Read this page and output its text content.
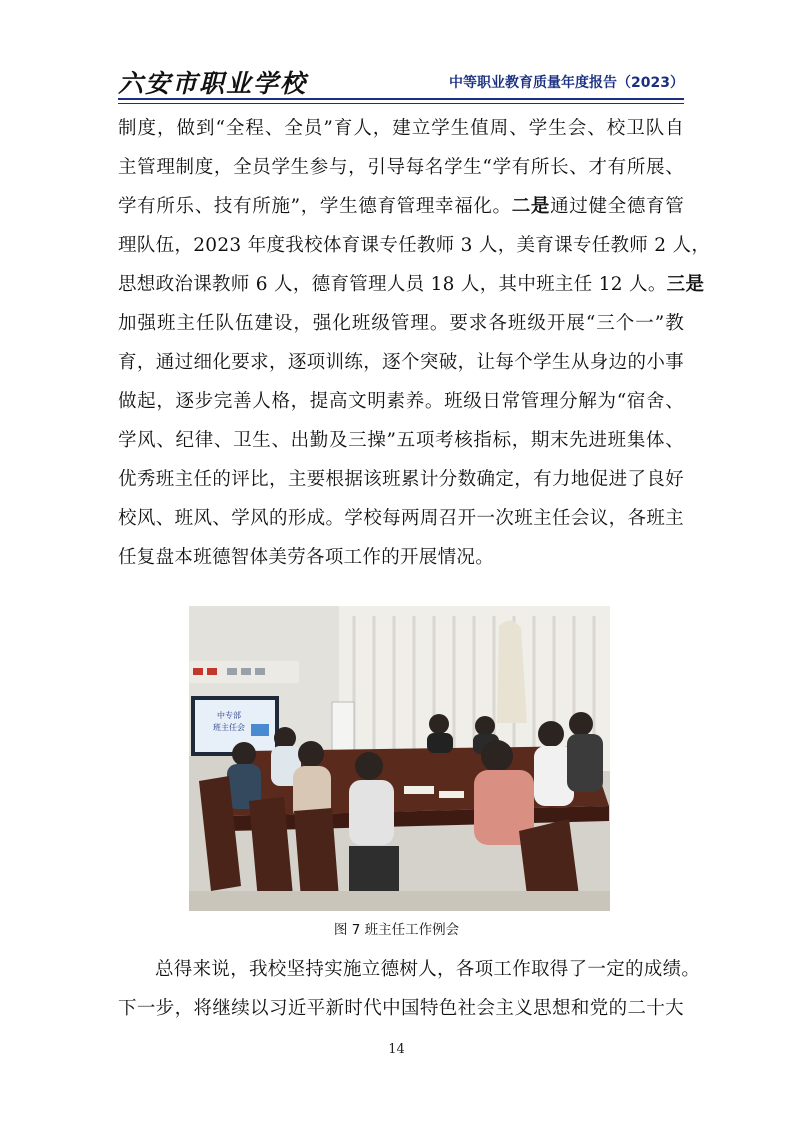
六安市职业学校	中等职业教育质量年度报告（2023）
制度，做到“全程、全员”育人，建立学生值周、学生会、校卫队自
主管理制度，全员学生参与，引导每名学生“学有所长、才有所展、
学有所乐、技有所施”，学生德育管理幸福化。二是通过健全德育管
理队伍，2023 年度我校体育课专任教师 3 人，美育课专任教师 2 人，
思想政治课教师 6 人，德育管理人员 18 人，其中班主任 12 人。三是
加强班主任队伍建设，强化班级管理。要求各班级开展“三个一”教
育，通过细化要求，逐项训练，逐个突破，让每个学生从身边的小事
做起，逐步完善人格，提高文明素养。班级日常管理分解为“宿舍、
学风、纪律、卫生、出勤及三操”五项考核指标，期末先进班集体、
优秀班主任的评比，主要根据该班累计分数确定，有力地促进了良好
校风、班风、学风的形成。学校每两周召开一次班主任会议，各班主
任复盘本班德智体美劳各项工作的开展情况。
中专部
班主任会
图 7 班主任工作例会
总得来说，我校坚持实施立德树人，各项工作取得了一定的成绩。
下一步，将继续以习近平新时代中国特色社会主义思想和党的二十大
14
